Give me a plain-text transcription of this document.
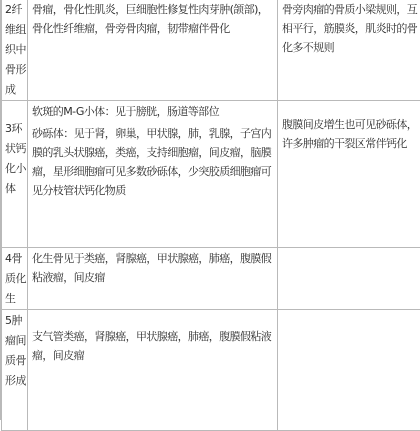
2纤维组织中骨形成	骨瘤，骨化性肌炎，巨细胞性修复性肉芽肿(颌部)，骨化性纤维瘤，骨旁骨肉瘤，韧带瘤伴骨化	骨旁肉瘤的骨质小梁规则，互相平行，筋膜炎，肌炎时的骨化多不规则

3环状钙化小体	软斑的M-G小体：见于膀胱，肠道等部位
砂砾体：见于肾，卵巢，甲状腺，肺，乳腺，子宫内膜的乳头状腺癌，类癌，支持细胞瘤，间皮瘤，脑膜瘤，星形细胞瘤可见多数砂砾体，少突胶质细胞瘤可见分枝管状钙化物质	腹膜间皮增生也可见砂砾体，许多肿瘤的干裂区常伴钙化

4骨质化生	化生骨见于类癌，肾腺癌，甲状腺癌，肺癌，腹膜假粘液瘤，间皮瘤	

5肿瘤间质骨形成	支气管类癌，肾腺癌，甲状腺癌，肺癌，腹膜假粘液瘤，间皮瘤	
